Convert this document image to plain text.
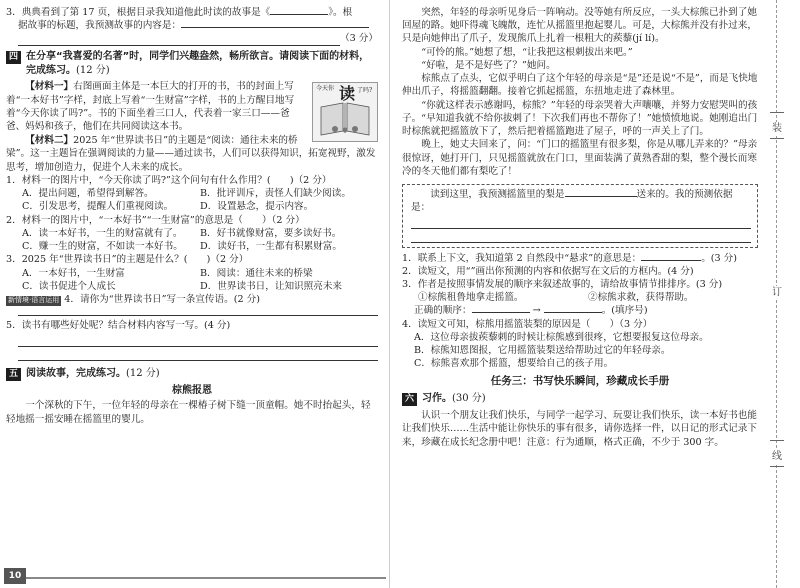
3．典典看到了第 17 页，根据目录我知道他此时读的故事是《	》。根

据故事的标题，我预测故事的内容是：

（3 分）
四 在分享“我喜爱的名著”时，同学们兴趣盎然，畅所欲言。请阅读下面的材料，完成练习。(12 分)
今天你 读 了吗?
【材料一】右图画面主体是一本巨大的打开的书，书的封面上写着“一本好书”字样，封底上写着“一生财富”字样，书的上方醒目地写着“今天你读了吗?”。书的下面坐着三口人，代表着一家三口——爸爸、妈妈和孩子，他们在共同阅读这本书。
【材料二】2025 年“世界读书日”的主题是“阅读：通往未来的桥梁”。这一主题旨在强调阅读的力量——通过读书，人们可以获得知识，拓宽视野，激发思考，增加创造力，促进个人未来的成长。

1．材料一的图片中，“今天你读了吗?”这个问句有什么作用？(　　)（2 分）

A．提出问题，希望得到解答。	B．批评训斥，责怪人们缺少阅读。
C．引发思考，提醒人们重视阅读。	D．设置悬念，提示内容。

2．材料一的图片中，“一本好书”“一生财富”的意思是（　　）（2 分）

A．读一本好书，一生的财富就有了。	B．好书就像财富，要多读好书。
C．赚一生的财富，不如读一本好书。	D．读好书，一生都有积累财富。

3．2025 年“世界读书日”的主题是什么？(　　)（2 分）

A．一本好书，一生财富	B．阅读：通往未来的桥梁
C．读书促进个人成长	D．世界读书日，让知识照亮未来

新情境·语言运用 4．请你为“世界读书日”写一条宣传语。(2 分)

5．读书有哪些好处呢？结合材料内容写一写。(4 分)

五 阅读故事，完成练习。(12 分)
棕熊报恩

一个深秋的下午，一位年轻的母亲在一棵椿子树下缝一顶童帽。她不时抬起头，轻轻地摇一摇安睡在摇篮里的婴儿。

10

突然，年轻的母亲听见身后一阵响动。没等她有所反应，一头大棕熊已扑到了她回屋的路。她吓得魂飞魄散，连忙从摇篮里抱起婴儿。可是，大棕熊并没有扑过来，只是向她伸出了爪子，发现熊爪上扎着一根粗大的蒺藜(jí lí)。

“可怜的熊。”她想了想，“让我把这根刺拔出来吧。”

“好啦，是不是好些了？”她问。

棕熊点了点头，它似乎明白了这个年轻的母亲是“是”还是说“不是”，而是飞快地伸出爪子，将摇篮翻翻。接着它抓起摇篮，东扭地走进了森林里。

“你就这样表示感谢吗，棕熊？”年轻的母亲哭着大声嚷嚷，并努力安慰哭叫的孩子。“早知道我就不给你拔刺了！下次我们再也不帮你了！”她愤愤地说。她刚追出门时棕熊就把摇篮放下了，然后把着摇篮跑进了屋子，呼的一声关上了门。

晚上，她丈夫回来了，问：“门口的摇篮里有很多梨，你是从哪儿弄来的？”母亲很惊讶，她打开门，只见摇篮就放在门口，里面装满了黄熟香甜的梨，整个漫长而寒冷的冬天他们都有梨吃了！

读到这里，我预测摇篮里的梨是	送来的。我的预测依据是：

1．联系上下文，我知道第 2 自然段中“悬求”的意思是：	。(3 分)

2．读短文，用“”画出你预测的内容和依据写在文后的方框内。(4 分)

3．作者是按照事情发展的顺序来叙述故事的，请给故事情节排排序。(3 分)

①棕熊租鲁地拿走摇篮。	②棕熊求救，获得帮助。

正确的顺序：	→	。(填序号)

4．读短文可知，棕熊用摇篮装梨的原因是（　　）（3 分）

A．这位母亲拔蒺藜刺的时候让棕熊感到很疼，它想要报复这位母亲。
B．棕熊知恩图报，它用摇篮装梨送给帮助过它的年轻母亲。
C．棕熊喜欢那个摇篮，想要给自己的孩子用。
任务三：书写快乐瞬间，珍藏成长手册
六 习作。(30 分)

认识一个朋友让我们快乐，与同学一起学习、玩耍让我们快乐，读一本好书也能让我们快乐……生活中能让你快乐的事有很多，请你选择一件，以日记的形式记录下来，珍藏在成长纪念册中吧！注意：行为通顺，格式正确，不少于 300 字。

装
订
线
